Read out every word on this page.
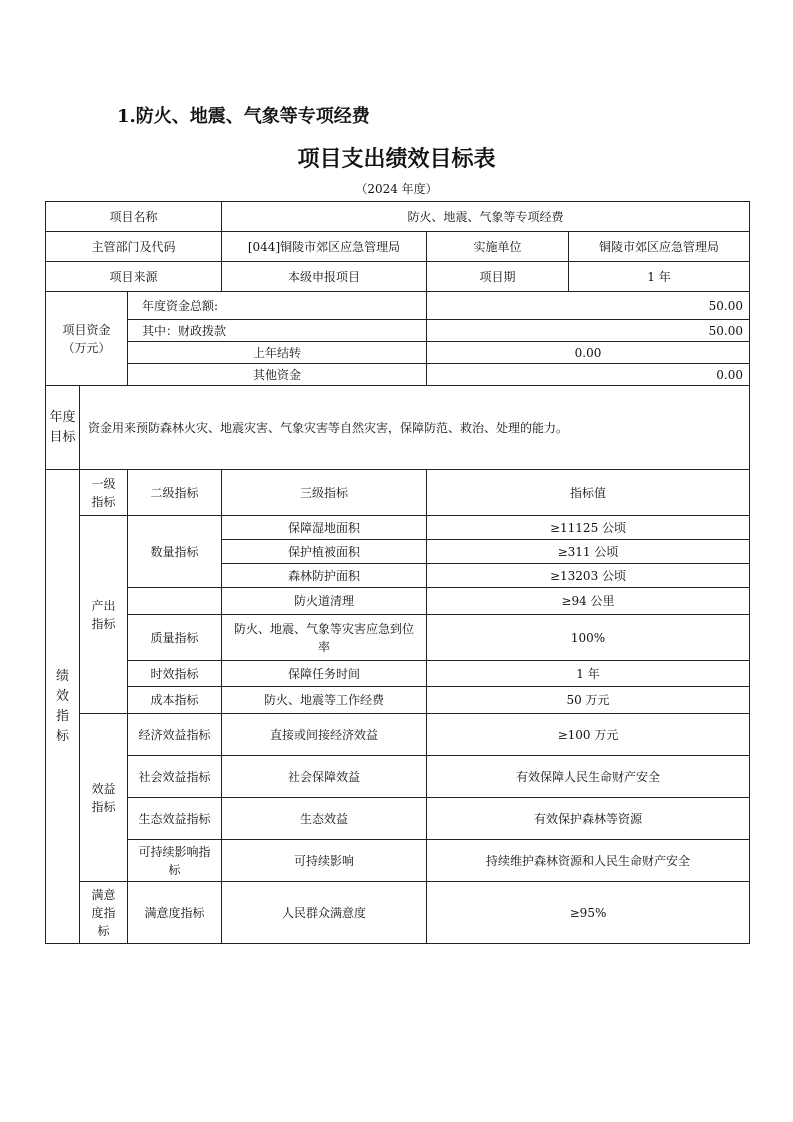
1.防火、地震、气象等专项经费
项目支出绩效目标表
（2024 年度）
项目名称			防火、地震、气象等专项经费		
主管部门及代码			[044]铜陵市郊区应急管理局	实施单位	铜陵市郊区应急管理局
项目来源			本级申报项目	项目期	1 年

项目资金
（万元）		年度资金总额:		50.00	
		其中：财政拨款		50.00	
		上年结转		0.00	
		其他资金		0.00	
年度目标	资金用来预防森林火灾、地震灾害、气象灾害等自然灾害，保障防范、救治、处理的能力。				
绩效指标	一级指标	二级指标	三级指标	指标值	
	产出指标	数量指标	保障湿地面积	≥11125 公顷	
			保护植被面积	≥311 公顷	
			森林防护面积	≥13203 公顷	
			防火道清理	≥94 公里	
		质量指标	防火、地震、气象等灾害应急到位率	100%	
		时效指标	保障任务时间	1 年	
		成本指标	防火、地震等工作经费	50 万元	
	效益指标	经济效益指标	直接或间接经济效益	≥100 万元	
		社会效益指标	社会保障效益	有效保障人民生命财产安全	
		生态效益指标	生态效益	有效保护森林等资源	
		可持续影响指标	可持续影响	持续维护森林资源和人民生命财产安全	
	满意度指标	满意度指标	人民群众满意度	≥95%	
